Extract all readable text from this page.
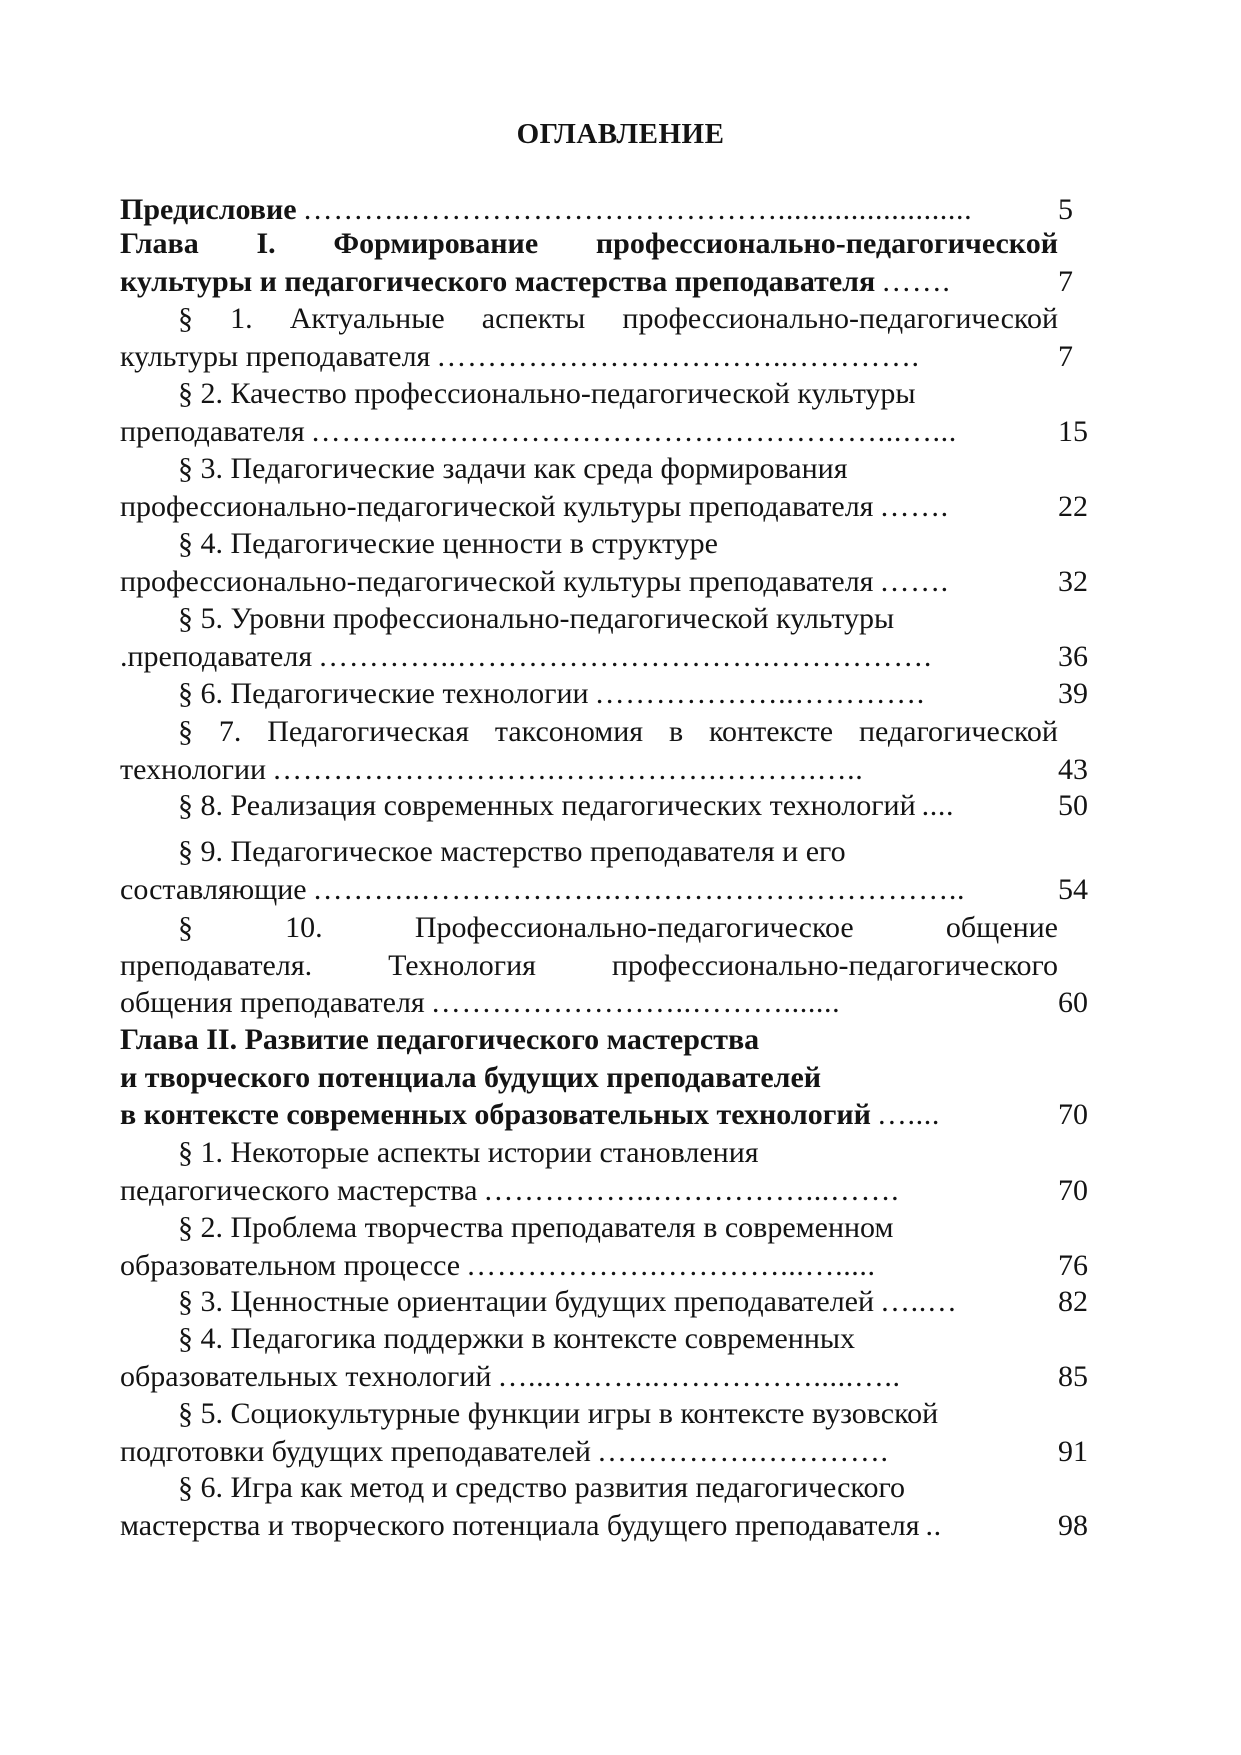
ОГЛАВЛЕНИЕ
Предисловие ………..………………………………........................	5
Глава I. Формирование профессионально-педагогической
культуры и педагогического мастерства преподавателя …….	7
§ 1. Актуальные аспекты профессионально-педагогической
культуры преподавателя ……………………………..………….	7
§ 2. Качество профессионально-педагогической культуры
преподавателя ………..………………………………………...…...	15
§ 3. Педагогические задачи как среда формирования
профессионально-педагогической культуры преподавателя …….	22
§ 4. Педагогические ценности в структуре
профессионально-педагогической культуры преподавателя …….	32
§ 5. Уровни профессионально-педагогической культуры
.преподавателя …………..………………………….…………….	36
§ 6. Педагогические технологии ………………..………….	39
§ 7. Педагогическая таксономия в контексте педагогической
технологии ……………………….…………….……….…..	43
§ 8. Реализация современных педагогических технологий ....	50
§ 9. Педагогическое мастерство преподавателя и его
составляющие ………..……………….……………………………..	54
§ 10. Профессионально-педагогическое общение
преподавателя. Технология профессионально-педагогического
общения преподавателя ……………………..……….......	60
Глава II. Развитие педагогического мастерства
и творческого потенциала будущих преподавателей
в контексте современных образовательных технологий …....	70
§ 1. Некоторые аспекты истории становления
педагогического мастерства ……………..……………...…….	70
§ 2. Проблема творчества преподавателя в современном
образовательном процессе ……………….…………...….....	76
§ 3. Ценностные ориентации будущих преподавателей …..…	82
§ 4. Педагогика поддержки в контексте современных
образовательных технологий …...………..…………….....…..	85
§ 5. Социокультурные функции игры в контексте вузовской
подготовки будущих преподавателей …………….………….	91
§ 6. Игра как метод и средство развития педагогического
мастерства и творческого потенциала будущего преподавателя ..	98
